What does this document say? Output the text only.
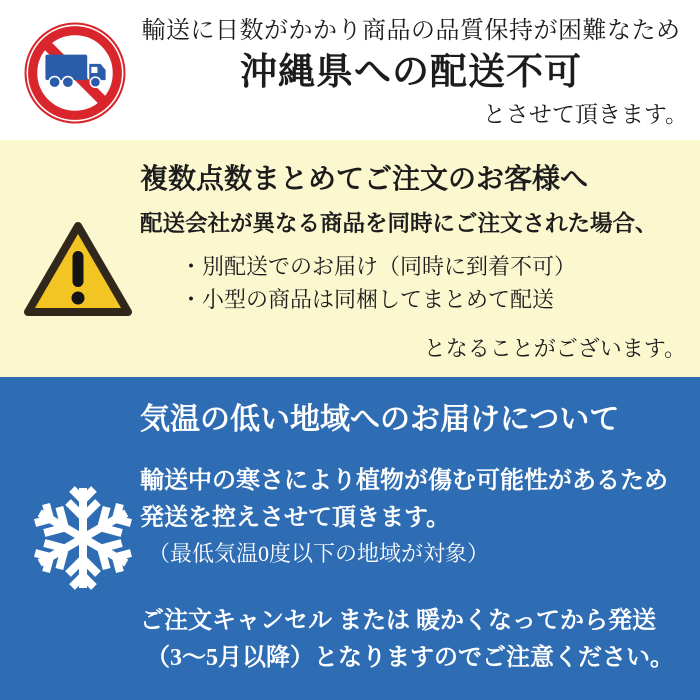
輸送に日数がかかり商品の品質保持が困難なため
沖縄県への配送不可
とさせて頂きます。
複数点数まとめてご注文のお客様へ
配送会社が異なる商品を同時にご注文された場合、
・別配送でのお届け（同時に到着不可）
・小型の商品は同梱してまとめて配送
となることがございます。
気温の低い地域へのお届けについて
輸送中の寒さにより植物が傷む可能性があるため
発送を控えさせて頂きます。
（最低気温0度以下の地域が対象）
ご注文キャンセル または 暖かくなってから発送
（3～5月以降）となりますのでご注意ください。
